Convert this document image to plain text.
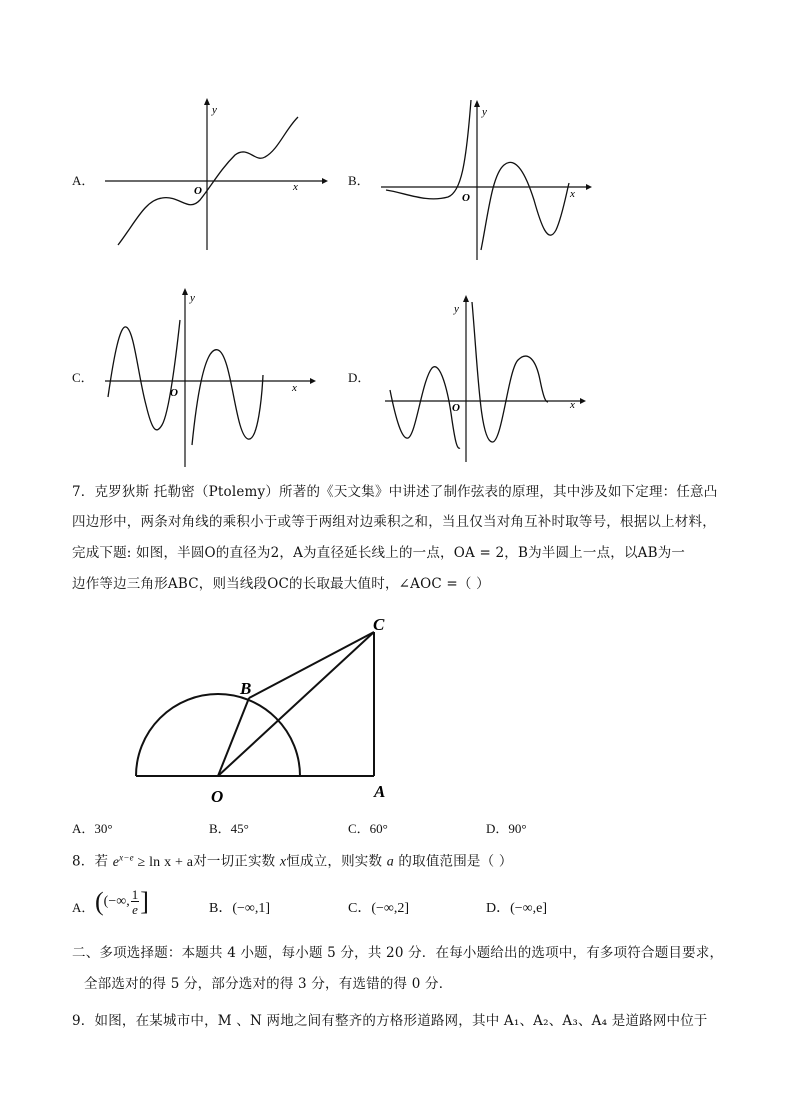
A．
y
x
O
B．
y
x
O
C．
y
x
O
D．
y
x
O
7．克罗狄斯 托勒密（Ptolemy）所著的《天文集》中讲述了制作弦表的原理，其中涉及如下定理：任意凸
四边形中，两条对角线的乘积小于或等于两组对边乘积之和，当且仅当对角互补时取等号，根据以上材料，
完成下题: 如图，半圆O的直径为2，A为直径延长线上的一点，OA = 2，B为半圆上一点，以AB为一
边作等边三角形ABC，则当线段OC的长取最大值时，∠AOC =（ ）
C
B
O	A
A．30°	B．45°	C．60°	D．90°
8．若 $e^{x-e} \ge \ln x + a$对一切正实数 x恒成立，则实数 a 的取值范围是（ ）
A． ( (−∞, 1
e ]	B．(−∞,1]	C．(−∞,2]	D．(−∞,e]
二、多项选择题：本题共 4 小题，每小题 5 分，共 20 分．在每小题给出的选项中，有多项符合题目要求，
全部选对的得 5 分，部分选对的得 3 分，有选错的得 0 分．
9．如图，在某城市中，M 、N 两地之间有整齐的方格形道路网，其中 A₁、A₂、A₃、A₄ 是道路网中位于
